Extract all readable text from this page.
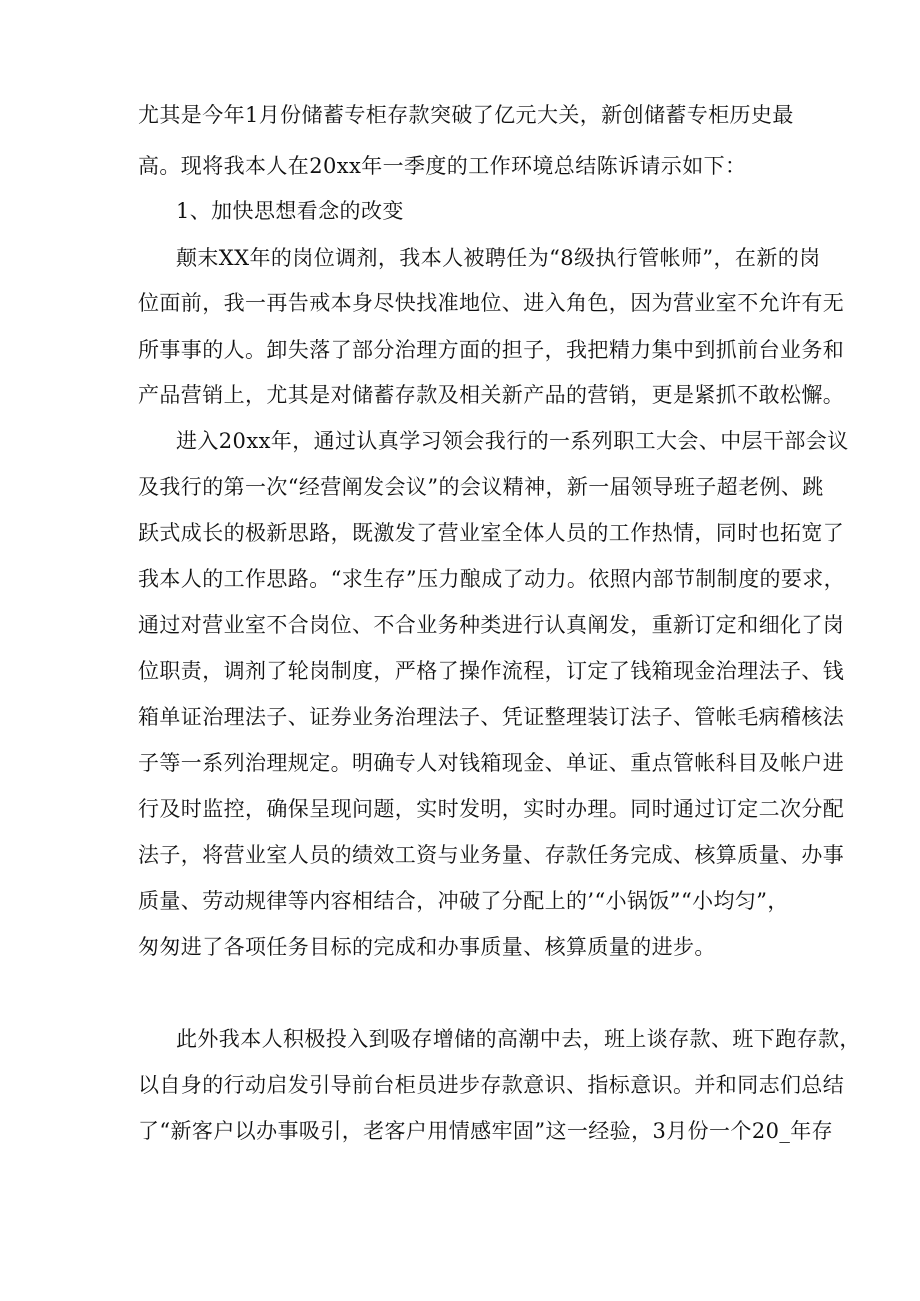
尤其是今年1月份储蓄专柜存款突破了亿元大关，新创储蓄专柜历史最
高。现将我本人在20xx年一季度的工作环境总结陈诉请示如下：
1、加快思想看念的改变
颠末XX年的岗位调剂，我本人被聘任为“8级执行管帐师”，在新的岗
位面前，我一再告戒本身尽快找准地位、进入角色，因为营业室不允许有无
所事事的人。卸失落了部分治理方面的担子，我把精力集中到抓前台业务和
产品营销上，尤其是对储蓄存款及相关新产品的营销，更是紧抓不敢松懈。
进入20xx年，通过认真学习领会我行的一系列职工大会、中层干部会议
及我行的第一次“经营阐发会议”的会议精神，新一届领导班子超老例、跳
跃式成长的极新思路，既激发了营业室全体人员的工作热情，同时也拓宽了
我本人的工作思路。“求生存”压力酿成了动力。依照内部节制制度的要求，
通过对营业室不合岗位、不合业务种类进行认真阐发，重新订定和细化了岗
位职责，调剂了轮岗制度，严格了操作流程，订定了钱箱现金治理法子、钱
箱单证治理法子、证券业务治理法子、凭证整理装订法子、管帐毛病稽核法
子等一系列治理规定。明确专人对钱箱现金、单证、重点管帐科目及帐户进
行及时监控，确保呈现问题，实时发明，实时办理。同时通过订定二次分配
法子，将营业室人员的绩效工资与业务量、存款任务完成、核算质量、办事
质量、劳动规律等内容相结合，冲破了分配上的’“小锅饭”“小均匀”，
匆匆进了各项任务目标的完成和办事质量、核算质量的进步。
此外我本人积极投入到吸存增储的高潮中去，班上谈存款、班下跑存款，
以自身的行动启发引导前台柜员进步存款意识、指标意识。并和同志们总结
了“新客户以办事吸引，老客户用情感牢固”这一经验，3月份一个20_年存
